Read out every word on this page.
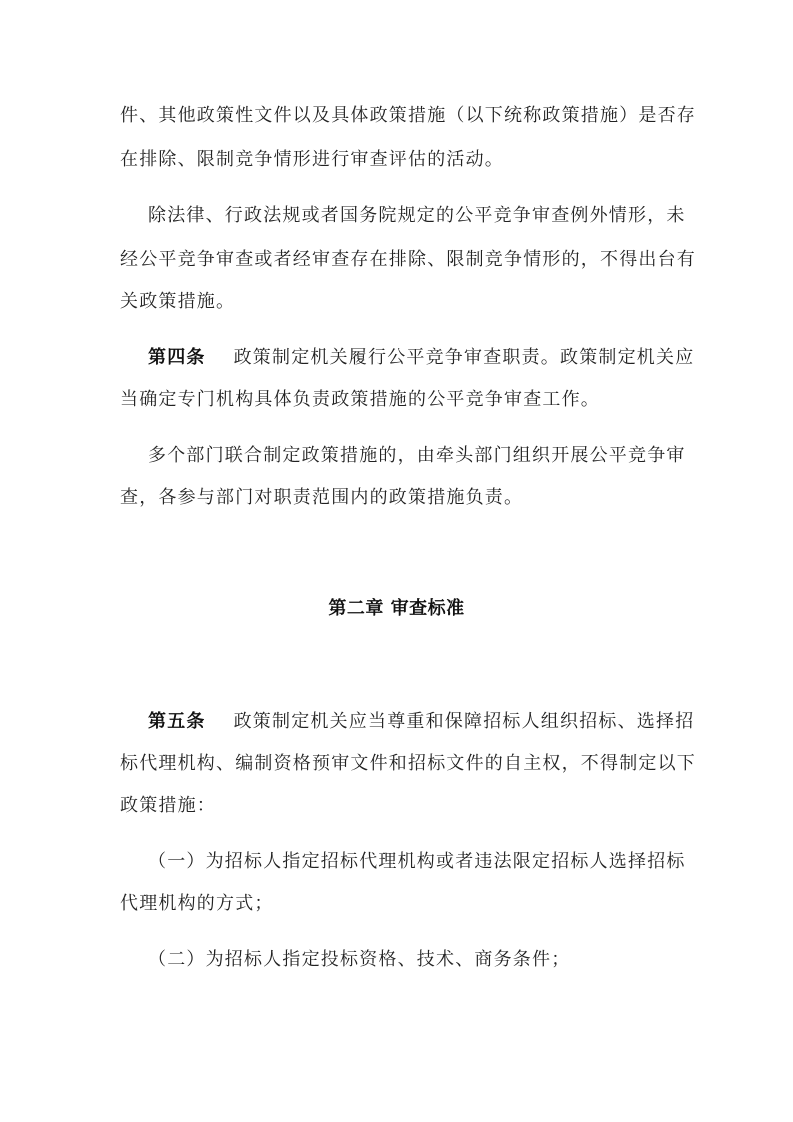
件、其他政策性文件以及具体政策措施（以下统称政策措施）是否存
在排除、限制竞争情形进行审查评估的活动。
除法律、行政法规或者国务院规定的公平竞争审查例外情形，未
经公平竞争审查或者经审查存在排除、限制竞争情形的，不得出台有
关政策措施。
第四条 政策制定机关履行公平竞争审查职责。政策制定机关应
当确定专门机构具体负责政策措施的公平竞争审查工作。
多个部门联合制定政策措施的，由牵头部门组织开展公平竞争审
查，各参与部门对职责范围内的政策措施负责。
第二章 审查标准
第五条 政策制定机关应当尊重和保障招标人组织招标、选择招
标代理机构、编制资格预审文件和招标文件的自主权，不得制定以下
政策措施：
（一）为招标人指定招标代理机构或者违法限定招标人选择招标
代理机构的方式；
（二）为招标人指定投标资格、技术、商务条件；
